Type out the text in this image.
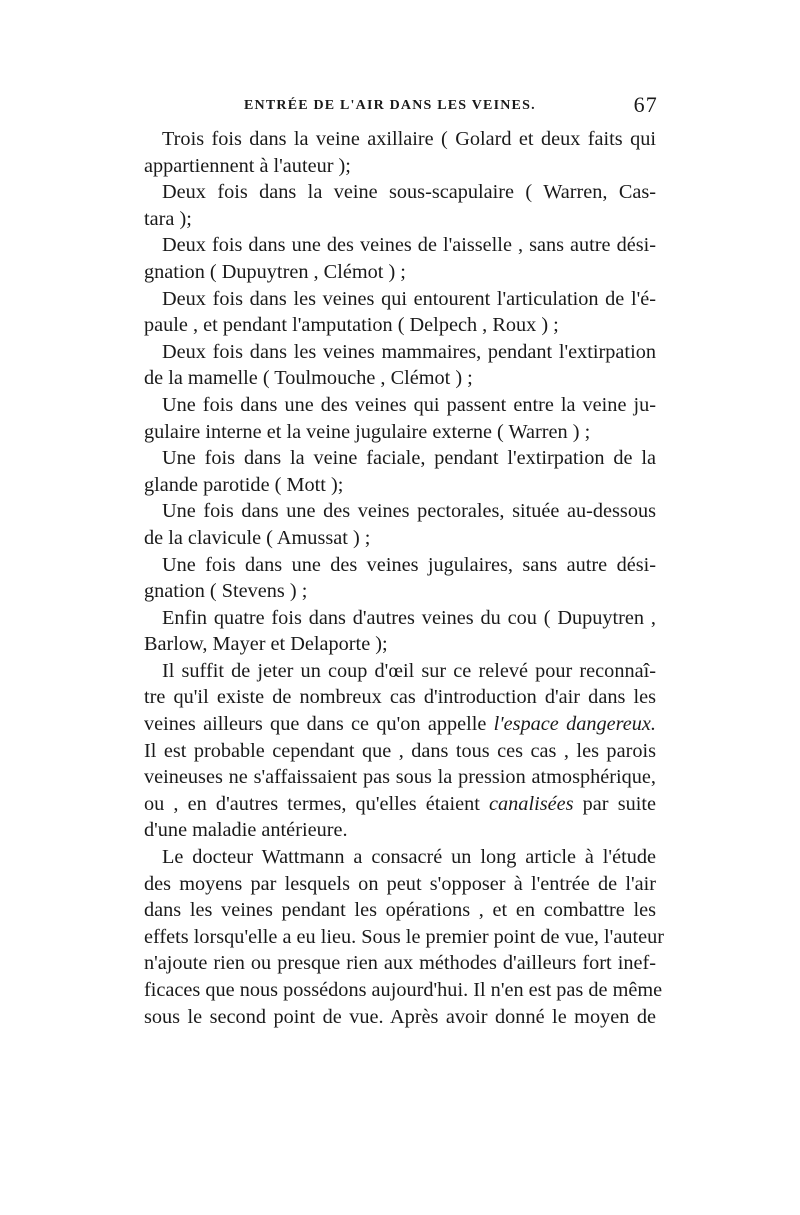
ENTRÉE DE L'AIR DANS LES VEINES.	67
Trois fois dans la veine axillaire ( Golard et deux faits qui
appartiennent à l'auteur );
Deux fois dans la veine sous-scapulaire ( Warren, Cas-
tara );
Deux fois dans une des veines de l'aisselle , sans autre dési-
gnation ( Dupuytren , Clémot ) ;
Deux fois dans les veines qui entourent l'articulation de l'é-
paule , et pendant l'amputation ( Delpech , Roux ) ;
Deux fois dans les veines mammaires, pendant l'extirpation
de la mamelle ( Toulmouche , Clémot ) ;
Une fois dans une des veines qui passent entre la veine ju-
gulaire interne et la veine jugulaire externe ( Warren ) ;
Une fois dans la veine faciale, pendant l'extirpation de la
glande parotide ( Mott );
Une fois dans une des veines pectorales, située au-dessous
de la clavicule ( Amussat ) ;
Une fois dans une des veines jugulaires, sans autre dési-
gnation ( Stevens ) ;
Enfin quatre fois dans d'autres veines du cou ( Dupuytren ,
Barlow, Mayer et Delaporte );
Il suffit de jeter un coup d'œil sur ce relevé pour reconnaî-
tre qu'il existe de nombreux cas d'introduction d'air dans les
veines ailleurs que dans ce qu'on appelle l'espace dangereux.
Il est probable cependant que , dans tous ces cas , les parois
veineuses ne s'affaissaient pas sous la pression atmosphérique,
ou , en d'autres termes, qu'elles étaient canalisées par suite
d'une maladie antérieure.
Le docteur Wattmann a consacré un long article à l'étude
des moyens par lesquels on peut s'opposer à l'entrée de l'air
dans les veines pendant les opérations , et en combattre les
effets lorsqu'elle a eu lieu. Sous le premier point de vue, l'auteur
n'ajoute rien ou presque rien aux méthodes d'ailleurs fort inef-
ficaces que nous possédons aujourd'hui. Il n'en est pas de même
sous le second point de vue. Après avoir donné le moyen de
